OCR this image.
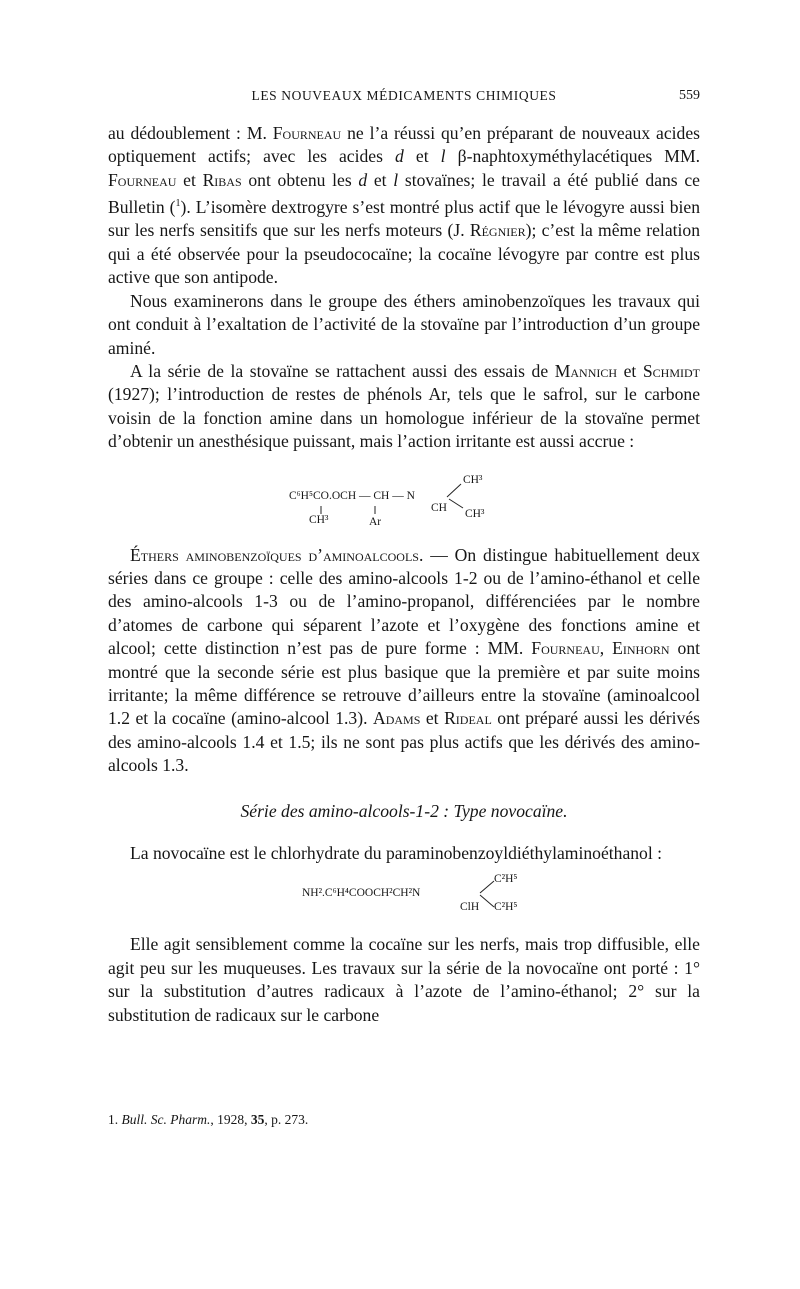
LES NOUVEAUX MÉDICAMENTS CHIMIQUES	559

au dédoublement : M. Fourneau ne l’a réussi qu’en préparant de nouveaux acides optiquement actifs; avec les acides d et l β-naphtoxyméthylacétiques MM. Fourneau et Ribas ont obtenu les d et l stovaïnes; le travail a été publié dans ce Bulletin ($^1$). L’isomère dextrogyre s’est montré plus actif que le lévogyre aussi bien sur les nerfs sensitifs que sur les nerfs moteurs (J. Régnier); c’est la même relation qui a été observée pour la pseudococaïne; la cocaïne lévogyre par contre est plus active que son antipode.

Nous examinerons dans le groupe des éthers aminobenzoïques les travaux qui ont conduit à l’exaltation de l’activité de la stovaïne par l’introduction d’un groupe aminé.

A la série de la stovaïne se rattachent aussi des essais de Mannich et Schmidt (1927); l’introduction de restes de phénols Ar, tels que le safrol, sur le carbone voisin de la fonction amine dans un homologue inférieur de la stovaïne permet d’obtenir un anesthésique puissant, mais l’action irritante est aussi accrue :

C⁶H⁵CO.OCH — CH — N
CH³
CH³	Ar
CH CH³

Éthers aminobenzoïques d’aminoalcools. — On distingue habituellement deux séries dans ce groupe : celle des amino-alcools 1-2 ou de l’amino-éthanol et celle des amino-alcools 1-3 ou de l’amino-propanol, différenciées par le nombre d’atomes de carbone qui séparent l’azote et l’oxygène des fonctions amine et alcool; cette distinction n’est pas de pure forme : MM. Fourneau, Einhorn ont montré que la seconde série est plus basique que la première et par suite moins irritante; la même différence se retrouve d’ailleurs entre la stovaïne (aminoalcool 1.2 et la cocaïne (amino-alcool 1.3). Adams et Rideal ont préparé aussi les dérivés des amino-alcools 1.4 et 1.5; ils ne sont pas plus actifs que les dérivés des amino-alcools 1.3.

Série des amino-alcools-1-2 : Type novocaïne.

La novocaïne est le chlorhydrate du paraminobenzoyldiéthylaminoéthanol :

NH².C⁶H⁴COOCH²CH²N
C²H⁵
ClH C²H⁵

Elle agit sensiblement comme la cocaïne sur les nerfs, mais trop diffusible, elle agit peu sur les muqueuses. Les travaux sur la série de la novocaïne ont porté : 1° sur la substitution d’autres radicaux à l’azote de l’amino-éthanol; 2° sur la substitution de radicaux sur le carbone

1. Bull. Sc. Pharm., 1928, 35, p. 273.
